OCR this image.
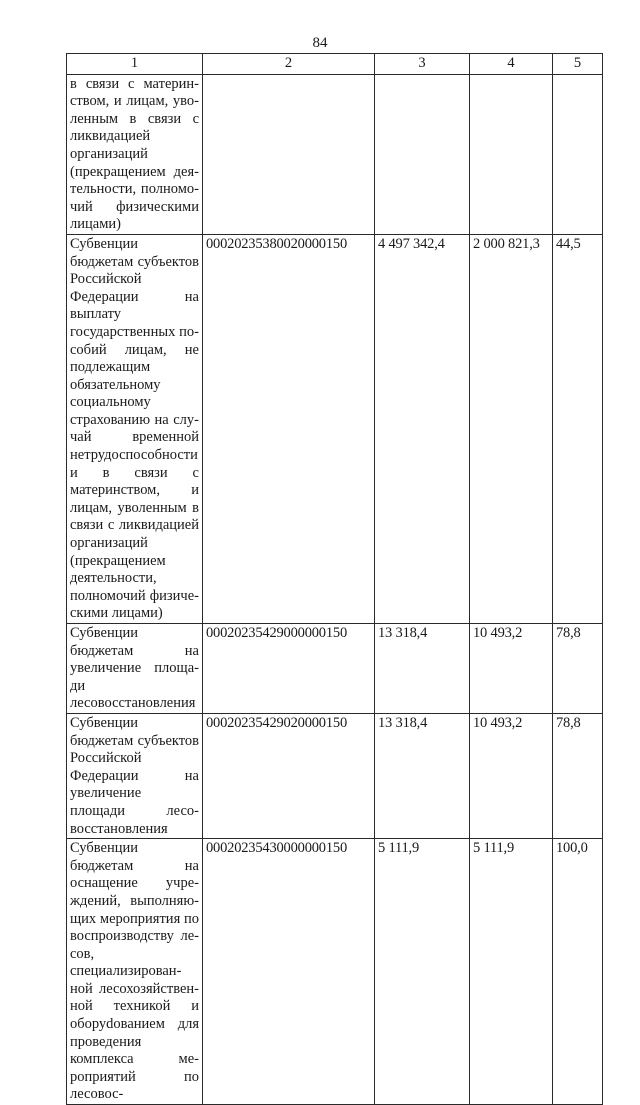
84
1	2	3	4	5
в связи с материнством, и лицам, уволенным в связи с ликвидацией организаций (прекращением деятельности, полномочий физическими лицами)				
Субвенции бюджетам субъектов Российской Федерации на выплату государственных пособий лицам, не подлежащим обязательному социальному страхованию на случай временной нетрудоспособности и в связи с материнством, и лицам, уволенным в связи с ликвидацией организаций (прекращением деятельности, полномочий физическими лицами)	00020235380020000150	4 497 342,4	2 000 821,3	44,5
Субвенции бюджетам на увеличение площади лесовосстановления	00020235429000000150	13 318,4	10 493,2	78,8
Субвенции бюджетам субъектов Российской Федерации на увеличение площади лесовосстановления	00020235429020000150	13 318,4	10 493,2	78,8
Субвенции бюджетам на оснащение учреждений, выполняющих мероприятия по воспроизводству лесов, специализированной лесохозяйственной техникой и оборуdованием для проведения комплекса мероприятий по лесовос-	00020235430000000150	5 111,9	5 111,9	100,0
